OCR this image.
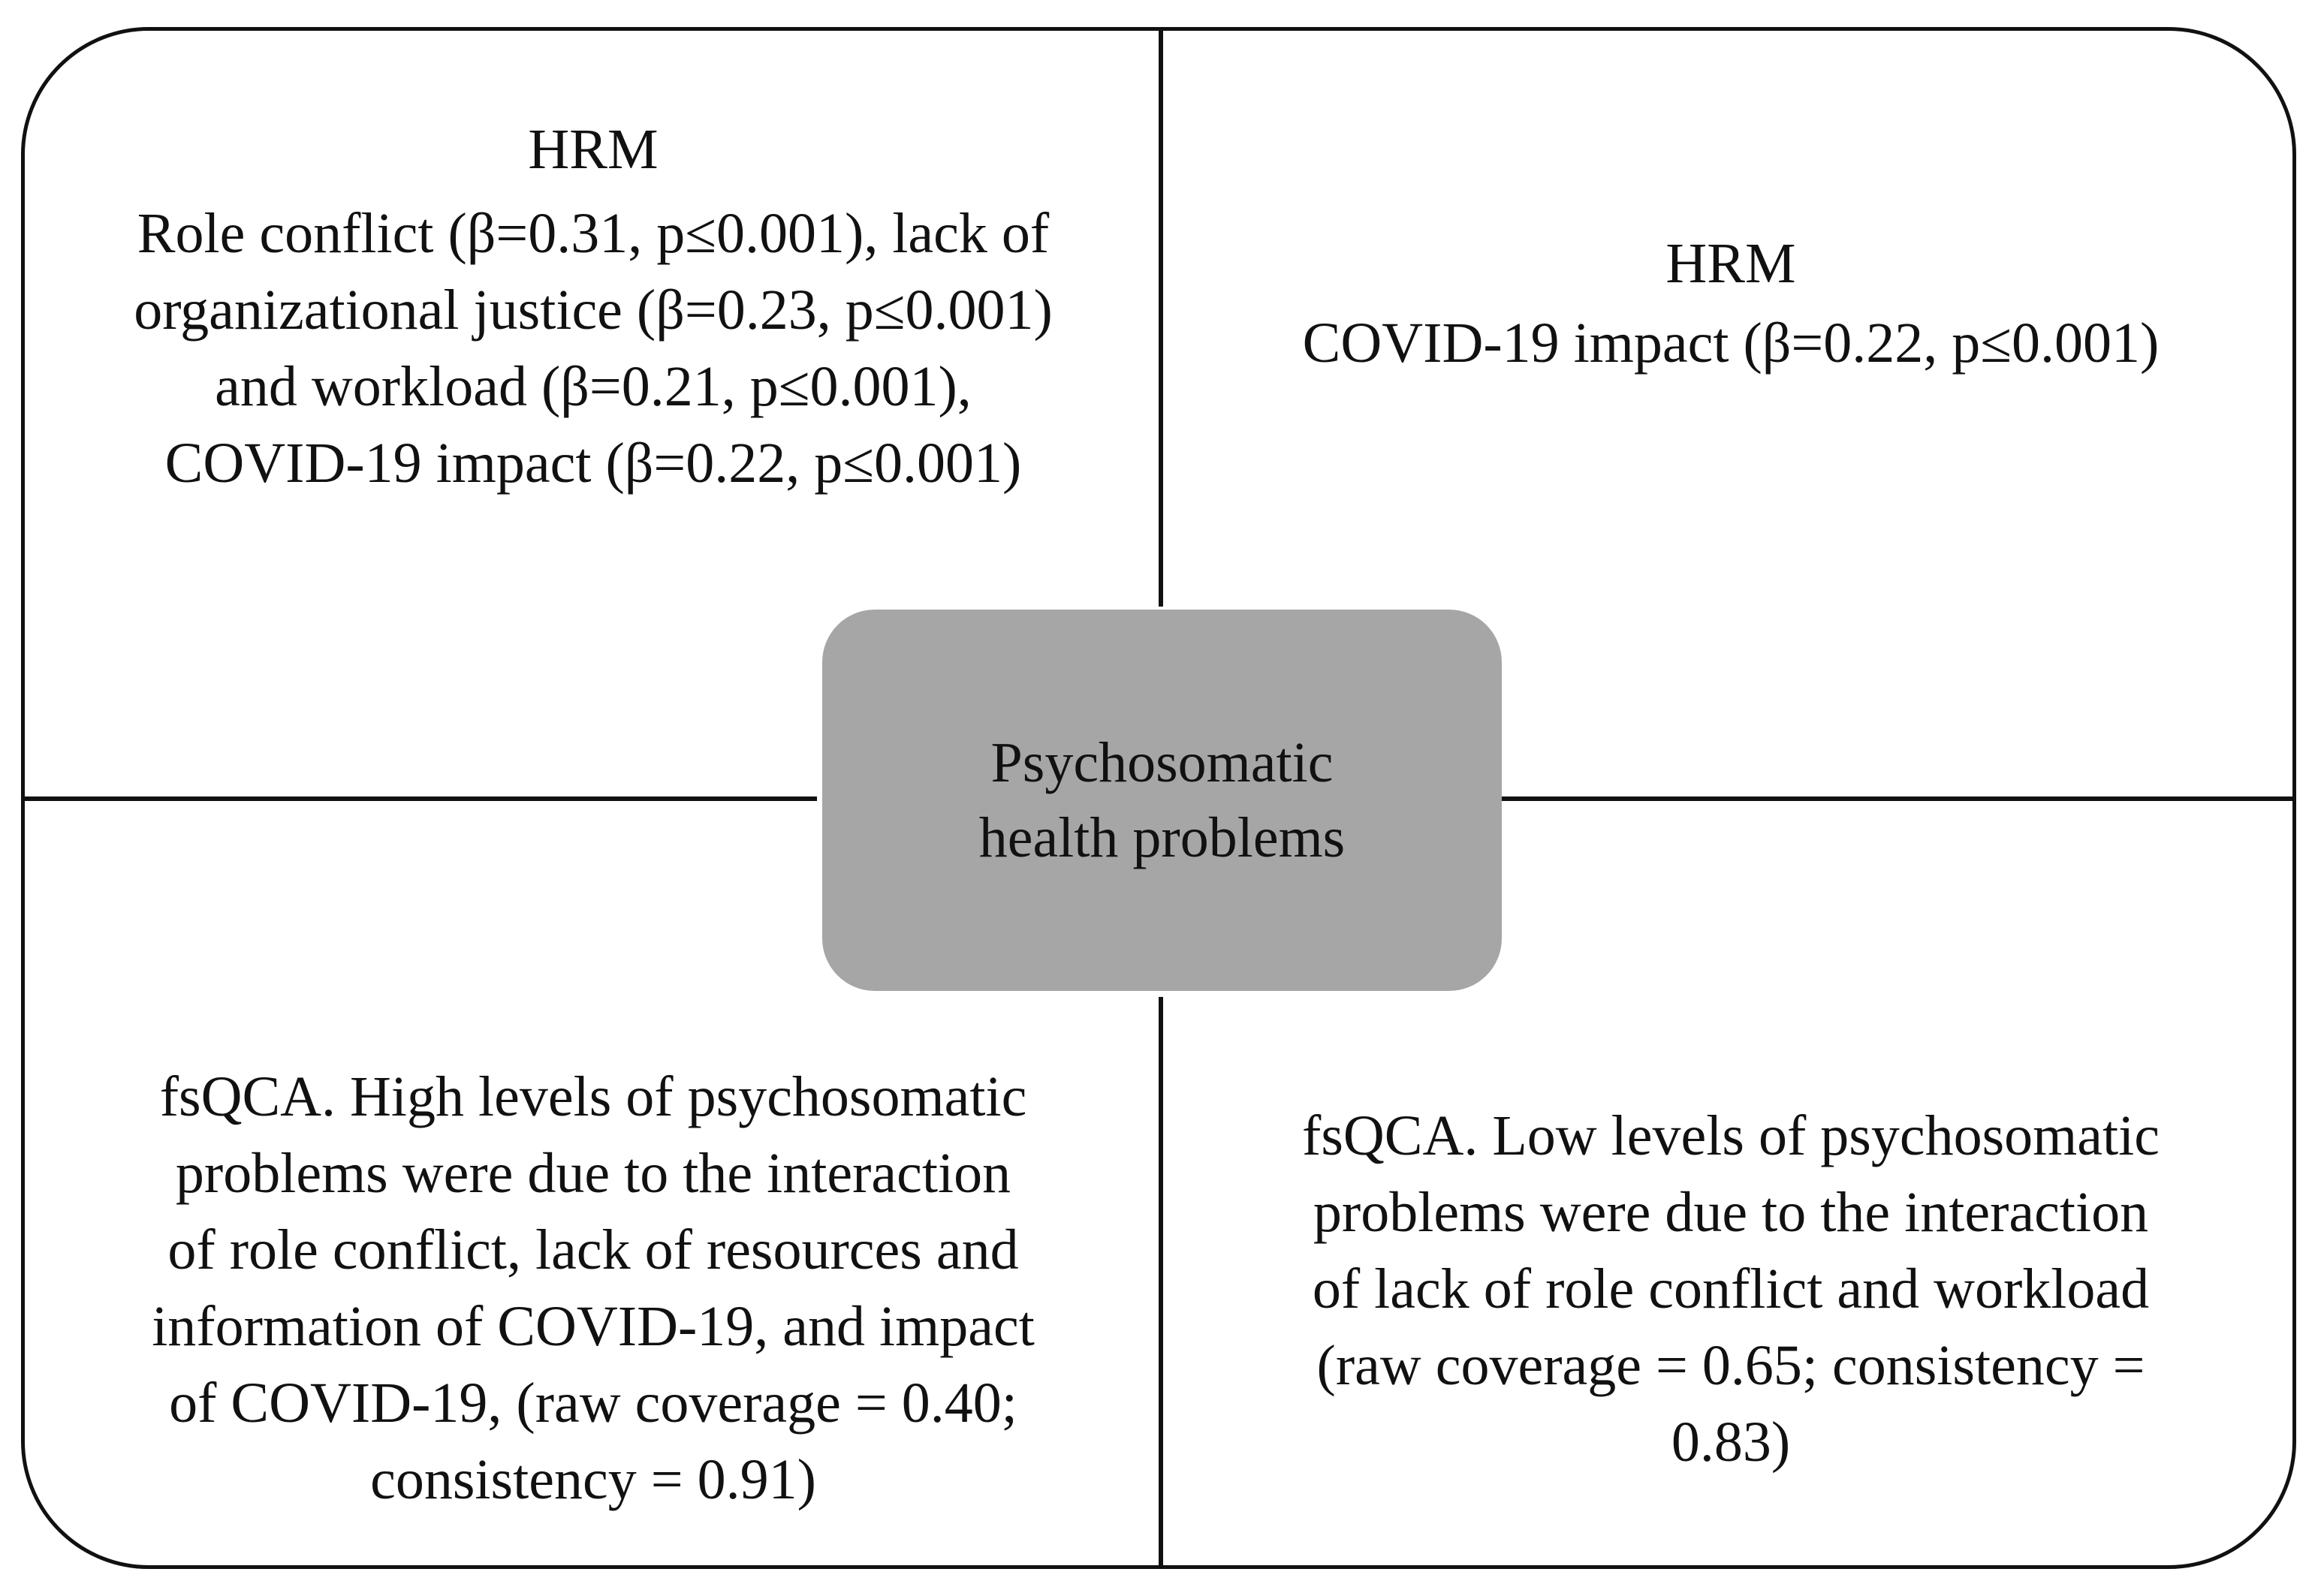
HRM
Role conflict (β=0.31, p≤0.001), lack of
organizational justice (β=0.23, p≤0.001)
and workload (β=0.21, p≤0.001),
COVID-19 impact (β=0.22, p≤0.001)
HRM
COVID-19 impact (β=0.22, p≤0.001)
fsQCA. High levels of psychosomatic
problems were due to the interaction
of role conflict, lack of resources and
information of COVID-19, and impact
of COVID-19, (raw coverage = 0.40;
consistency = 0.91)
fsQCA. Low levels of psychosomatic
problems were due to the interaction
of lack of role conflict and workload
(raw coverage = 0.65; consistency =
0.83)
Psychosomatic
health problems
